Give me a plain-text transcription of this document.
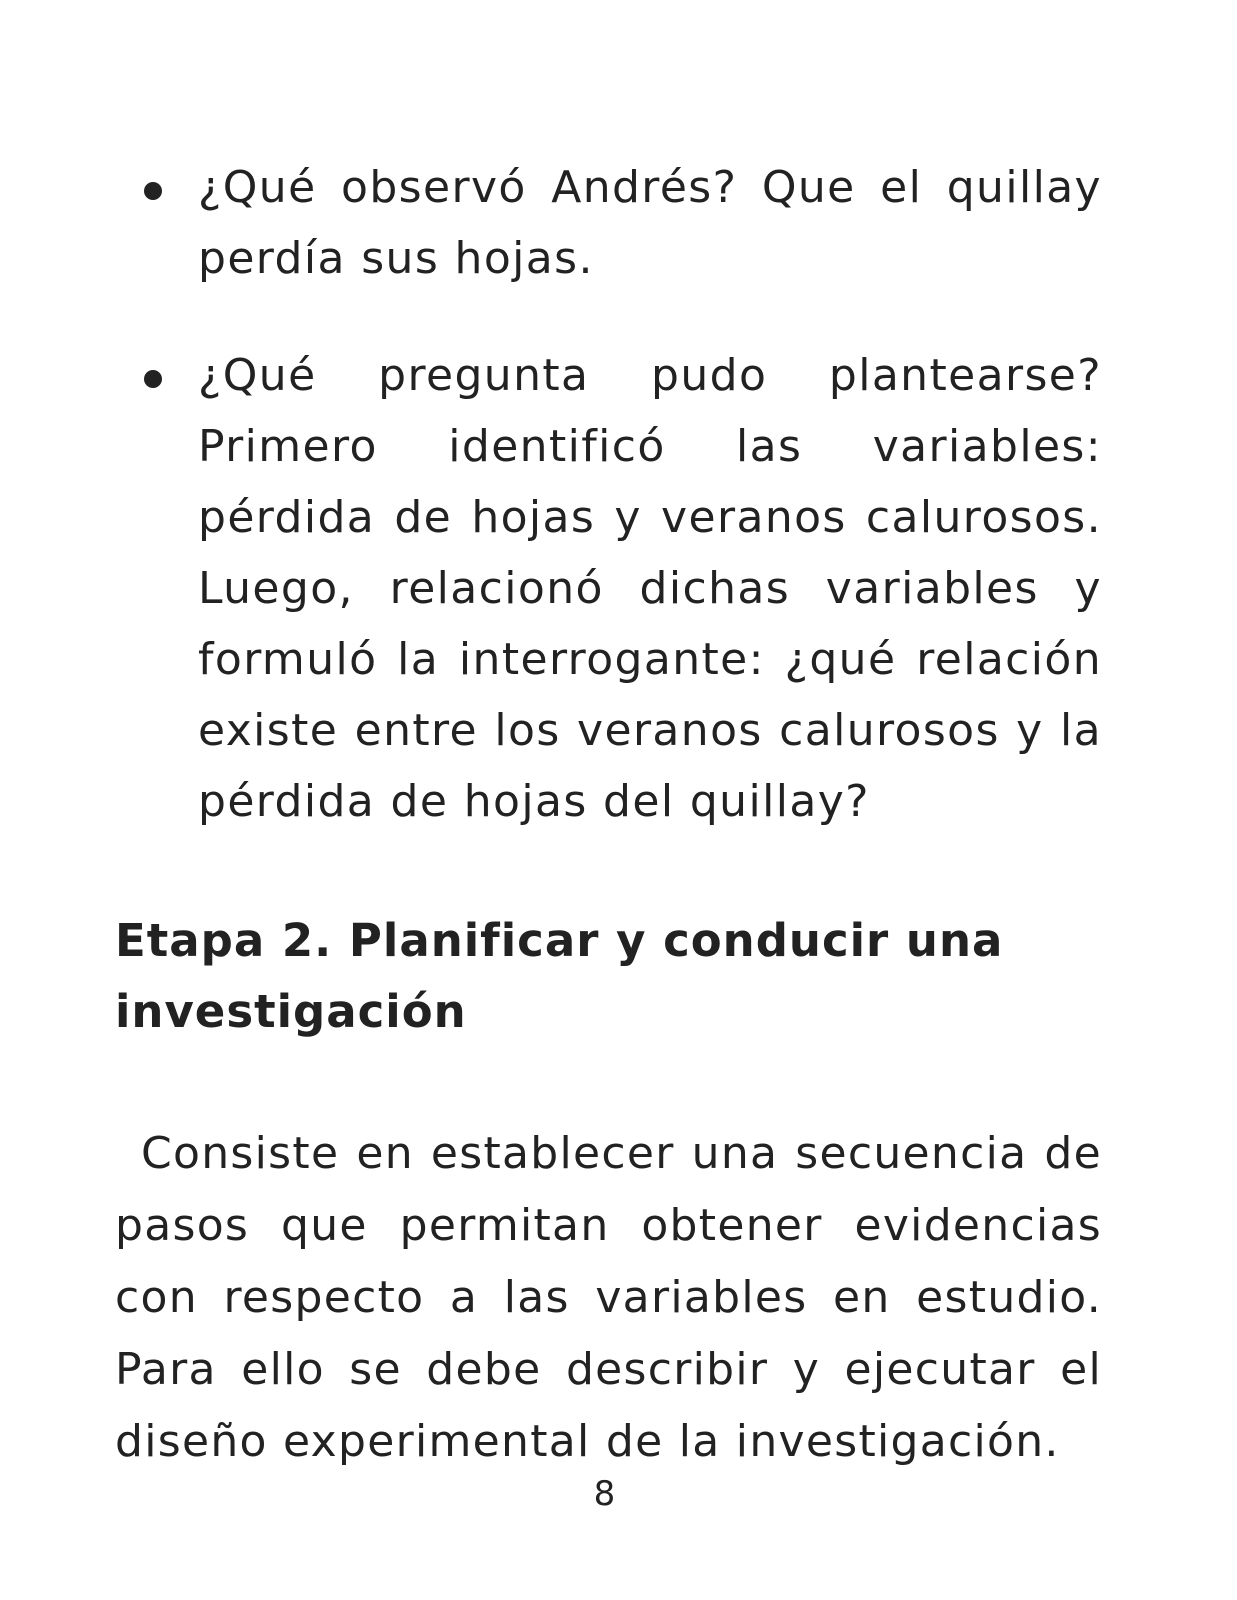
¿Qué observó Andrés? Que el quillay perdía sus hojas.
¿Qué pregunta pudo plantearse? Primero identificó las variables: pérdida de hojas y veranos calurosos. Luego, relacionó dichas variables y formuló la interrogante: ¿qué relación existe entre los veranos calurosos y la pérdida de hojas del quillay?
Etapa 2. Planificar y conducir una investigación

Consiste en establecer una secuencia de pasos que permitan obtener evidencias con respecto a las variables en estudio. Para ello se debe describir y ejecutar el diseño experimental de la investigación.

8
